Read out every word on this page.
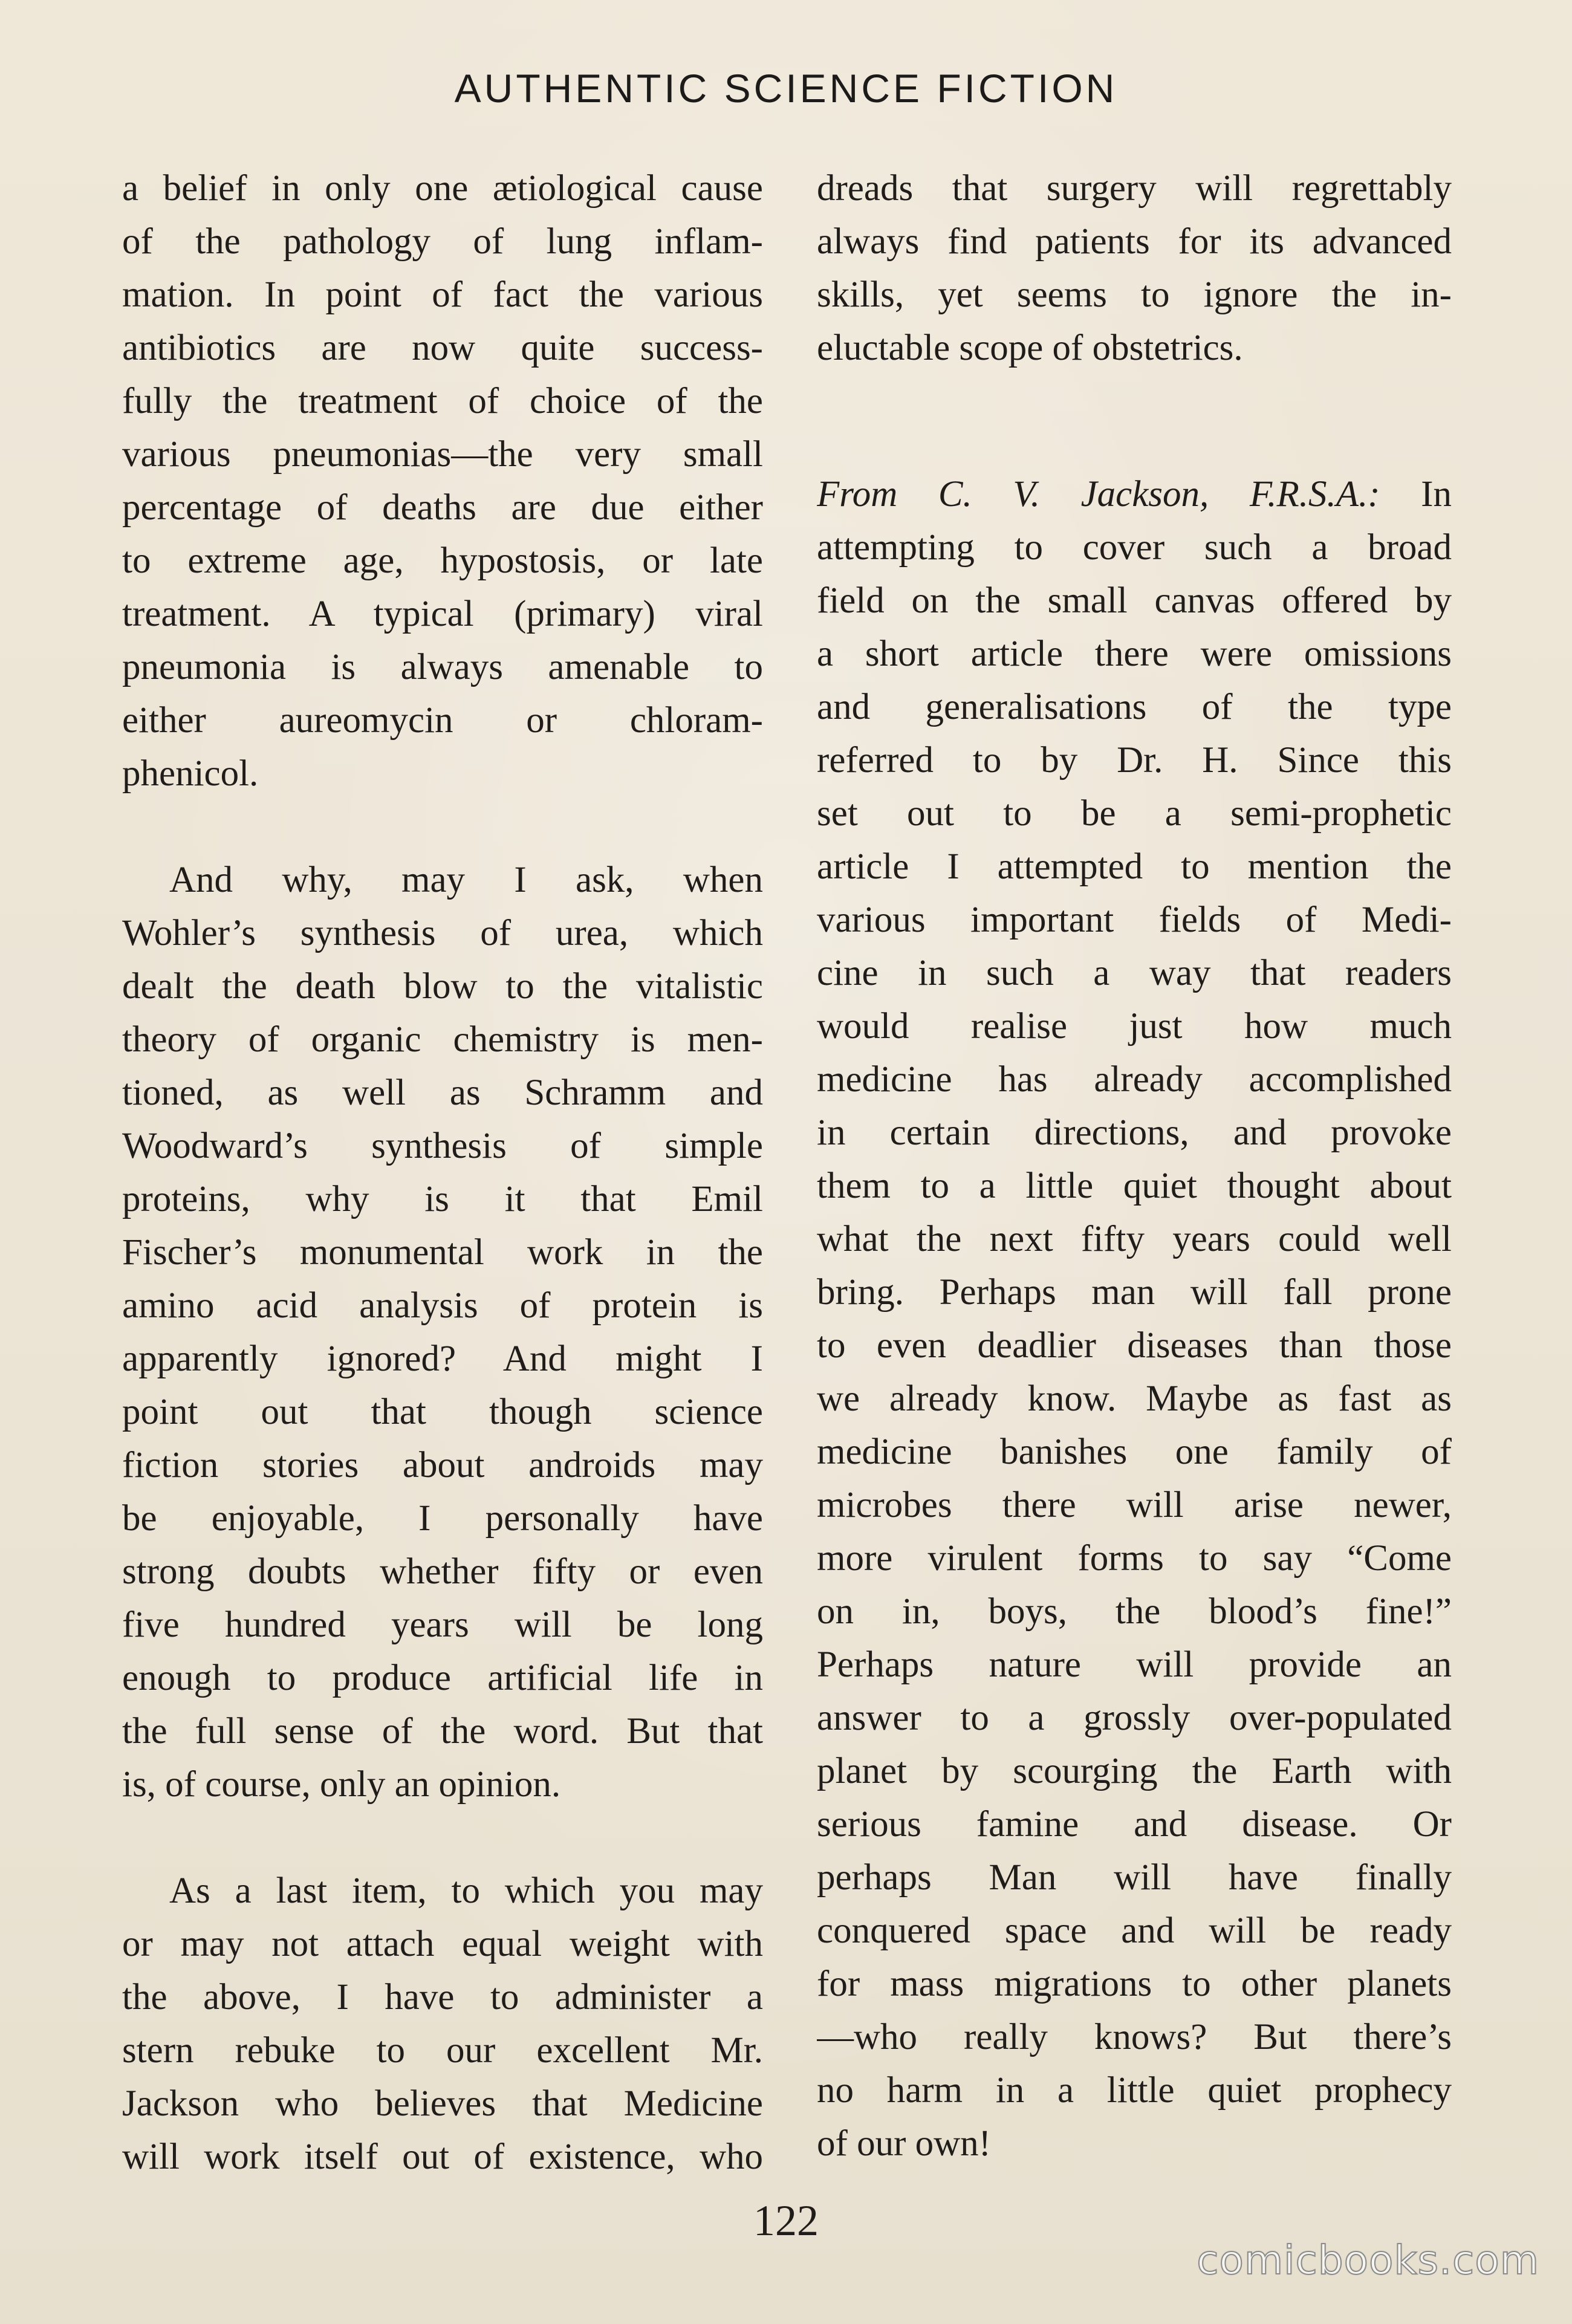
AUTHENTIC SCIENCE FICTION
a belief in only one ætiological cause
of the pathology of lung inflam-
mation. In point of fact the various
antibiotics are now quite success-
fully the treatment of choice of the
various pneumonias—the very small
percentage of deaths are due either
to extreme age, hypostosis, or late
treatment. A typical (primary) viral
pneumonia is always amenable to
either aureomycin or chloram-
phenicol.
And why, may I ask, when
Wohler’s synthesis of urea, which
dealt the death blow to the vitalistic
theory of organic chemistry is men-
tioned, as well as Schramm and
Woodward’s synthesis of simple
proteins, why is it that Emil
Fischer’s monumental work in the
amino acid analysis of protein is
apparently ignored? And might I
point out that though science
fiction stories about androids may
be enjoyable, I personally have
strong doubts whether fifty or even
five hundred years will be long
enough to produce artificial life in
the full sense of the word. But that
is, of course, only an opinion.
As a last item, to which you may
or may not attach equal weight with
the above, I have to administer a
stern rebuke to our excellent Mr.
Jackson who believes that Medicine
will work itself out of existence, who
dreads that surgery will regrettably
always find patients for its advanced
skills, yet seems to ignore the in-
eluctable scope of obstetrics.
From C. V. Jackson, F.R.S.A.: In
attempting to cover such a broad
field on the small canvas offered by
a short article there were omissions
and generalisations of the type
referred to by Dr. H. Since this
set out to be a semi-prophetic
article I attempted to mention the
various important fields of Medi-
cine in such a way that readers
would realise just how much
medicine has already accomplished
in certain directions, and provoke
them to a little quiet thought about
what the next fifty years could well
bring. Perhaps man will fall prone
to even deadlier diseases than those
we already know. Maybe as fast as
medicine banishes one family of
microbes there will arise newer,
more virulent forms to say “Come
on in, boys, the blood’s fine!”
Perhaps nature will provide an
answer to a grossly over-populated
planet by scourging the Earth with
serious famine and disease. Or
perhaps Man will have finally
conquered space and will be ready
for mass migrations to other planets
—who really knows? But there’s
no harm in a little quiet prophecy
of our own!
122
comicbooks.com
